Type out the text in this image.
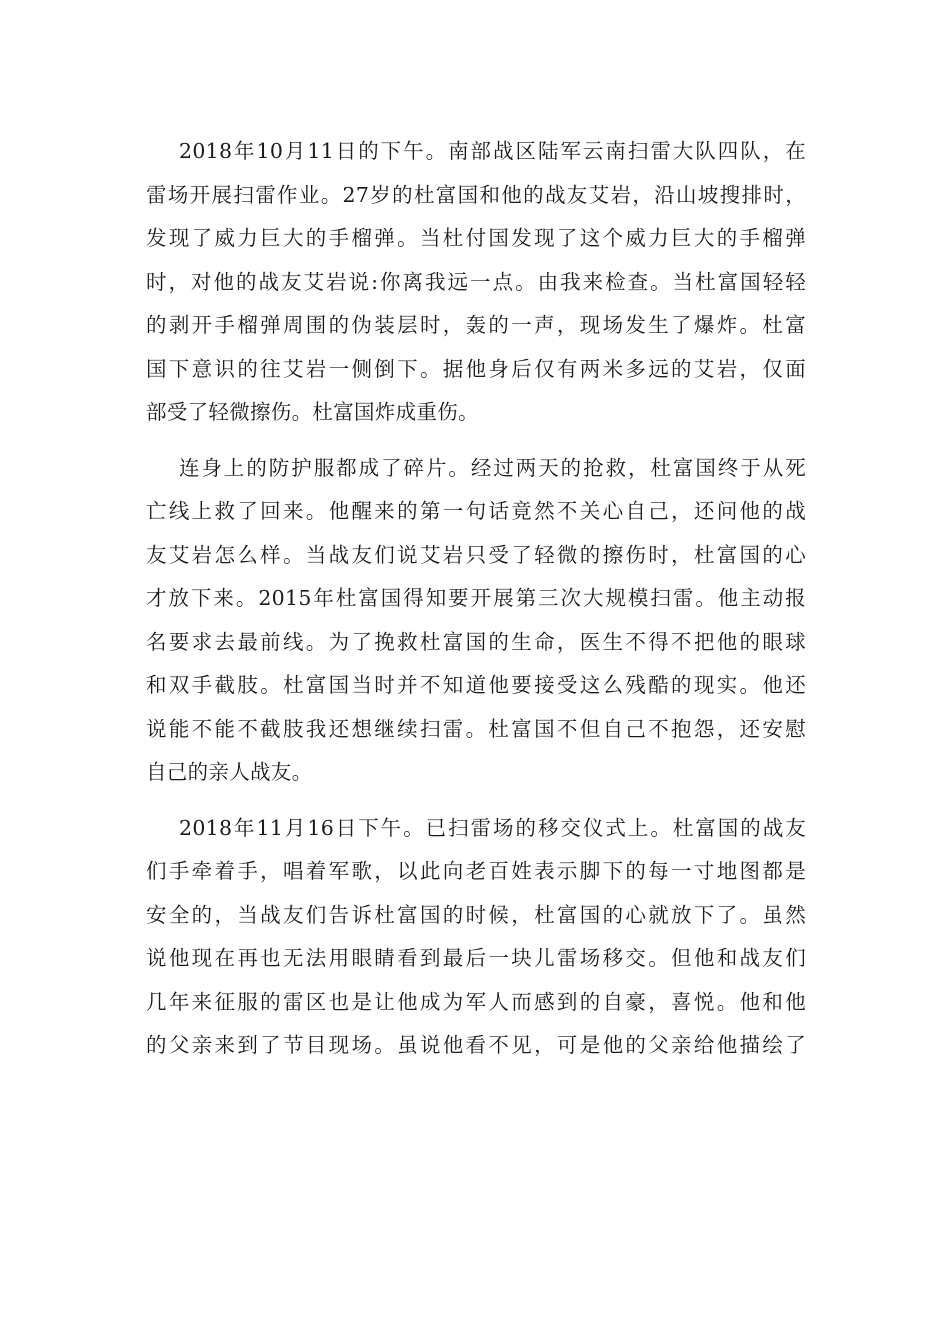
2018年10月11日的下午。南部战区陆军云南扫雷大队四队，在
雷场开展扫雷作业。27岁的杜富国和他的战友艾岩，沿山坡搜排时，
发现了威力巨大的手榴弹。当杜付国发现了这个威力巨大的手榴弹
时，对他的战友艾岩说:你离我远一点。由我来检查。当杜富国轻轻
的剥开手榴弹周围的伪装层时，轰的一声，现场发生了爆炸。杜富
国下意识的往艾岩一侧倒下。据他身后仅有两米多远的艾岩，仅面
部受了轻微擦伤。杜富国炸成重伤。
连身上的防护服都成了碎片。经过两天的抢救，杜富国终于从死
亡线上救了回来。他醒来的第一句话竟然不关心自己，还问他的战
友艾岩怎么样。当战友们说艾岩只受了轻微的擦伤时，杜富国的心
才放下来。2015年杜富国得知要开展第三次大规模扫雷。他主动报
名要求去最前线。为了挽救杜富国的生命，医生不得不把他的眼球
和双手截肢。杜富国当时并不知道他要接受这么残酷的现实。他还
说能不能不截肢我还想继续扫雷。杜富国不但自己不抱怨，还安慰
自己的亲人战友。
2018年11月16日下午。已扫雷场的移交仪式上。杜富国的战友
们手牵着手，唱着军歌，以此向老百姓表示脚下的每一寸地图都是
安全的，当战友们告诉杜富国的时候，杜富国的心就放下了。虽然
说他现在再也无法用眼睛看到最后一块儿雷场移交。但他和战友们
几年来征服的雷区也是让他成为军人而感到的自豪，喜悦。他和他
的父亲来到了节目现场。虽说他看不见，可是他的父亲给他描绘了
